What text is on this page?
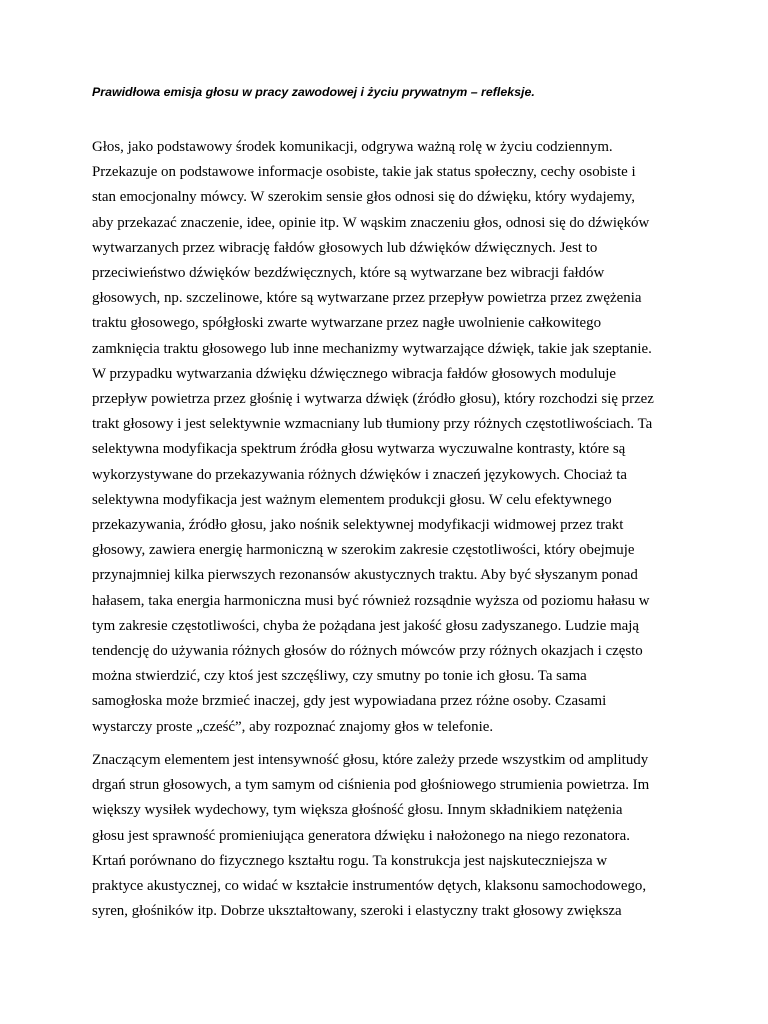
Prawidłowa emisja głosu w pracy zawodowej i życiu prywatnym – refleksje.

Głos, jako podstawowy środek komunikacji, odgrywa ważną rolę w życiu codziennym.
Przekazuje on podstawowe informacje osobiste, takie jak status społeczny, cechy osobiste i
stan emocjonalny mówcy. W szerokim sensie głos odnosi się do dźwięku, który wydajemy,
aby przekazać znaczenie, idee, opinie itp. W wąskim znaczeniu głos, odnosi się do dźwięków
wytwarzanych przez wibrację fałdów głosowych lub dźwięków dźwięcznych. Jest to
przeciwieństwo dźwięków bezdźwięcznych, które są wytwarzane bez wibracji fałdów
głosowych, np. szczelinowe, które są wytwarzane przez przepływ powietrza przez zwężenia
traktu głosowego, spółgłoski zwarte wytwarzane przez nagłe uwolnienie całkowitego
zamknięcia traktu głosowego lub inne mechanizmy wytwarzające dźwięk, takie jak szeptanie.
W przypadku wytwarzania dźwięku dźwięcznego wibracja fałdów głosowych moduluje
przepływ powietrza przez głośnię i wytwarza dźwięk (źródło głosu), który rozchodzi się przez
trakt głosowy i jest selektywnie wzmacniany lub tłumiony przy różnych częstotliwościach. Ta
selektywna modyfikacja spektrum źródła głosu wytwarza wyczuwalne kontrasty, które są
wykorzystywane do przekazywania różnych dźwięków i znaczeń językowych. Chociaż ta
selektywna modyfikacja jest ważnym elementem produkcji głosu. W celu efektywnego
przekazywania, źródło głosu, jako nośnik selektywnej modyfikacji widmowej przez trakt
głosowy, zawiera energię harmoniczną w szerokim zakresie częstotliwości, który obejmuje
przynajmniej kilka pierwszych rezonansów akustycznych traktu. Aby być słyszanym ponad
hałasem, taka energia harmoniczna musi być również rozsądnie wyższa od poziomu hałasu w
tym zakresie częstotliwości, chyba że pożądana jest jakość głosu zadyszanego. Ludzie mają
tendencję do używania różnych głosów do różnych mówców przy różnych okazjach i często
można stwierdzić, czy ktoś jest szczęśliwy, czy smutny po tonie ich głosu. Ta sama
samogłoska może brzmieć inaczej, gdy jest wypowiadana przez różne osoby. Czasami
wystarczy proste „cześć”, aby rozpoznać znajomy głos w telefonie.
Znaczącym elementem jest intensywność głosu, które zależy przede wszystkim od amplitudy
drgań strun głosowych, a tym samym od ciśnienia pod głośniowego strumienia powietrza. Im
większy wysiłek wydechowy, tym większa głośność głosu. Innym składnikiem natężenia
głosu jest sprawność promieniująca generatora dźwięku i nałożonego na niego rezonatora.
Krtań porównano do fizycznego kształtu rogu. Ta konstrukcja jest najskuteczniejsza w
praktyce akustycznej, co widać w kształcie instrumentów dętych, klaksonu samochodowego,
syren, głośników itp. Dobrze ukształtowany, szeroki i elastyczny trakt głosowy zwiększa
